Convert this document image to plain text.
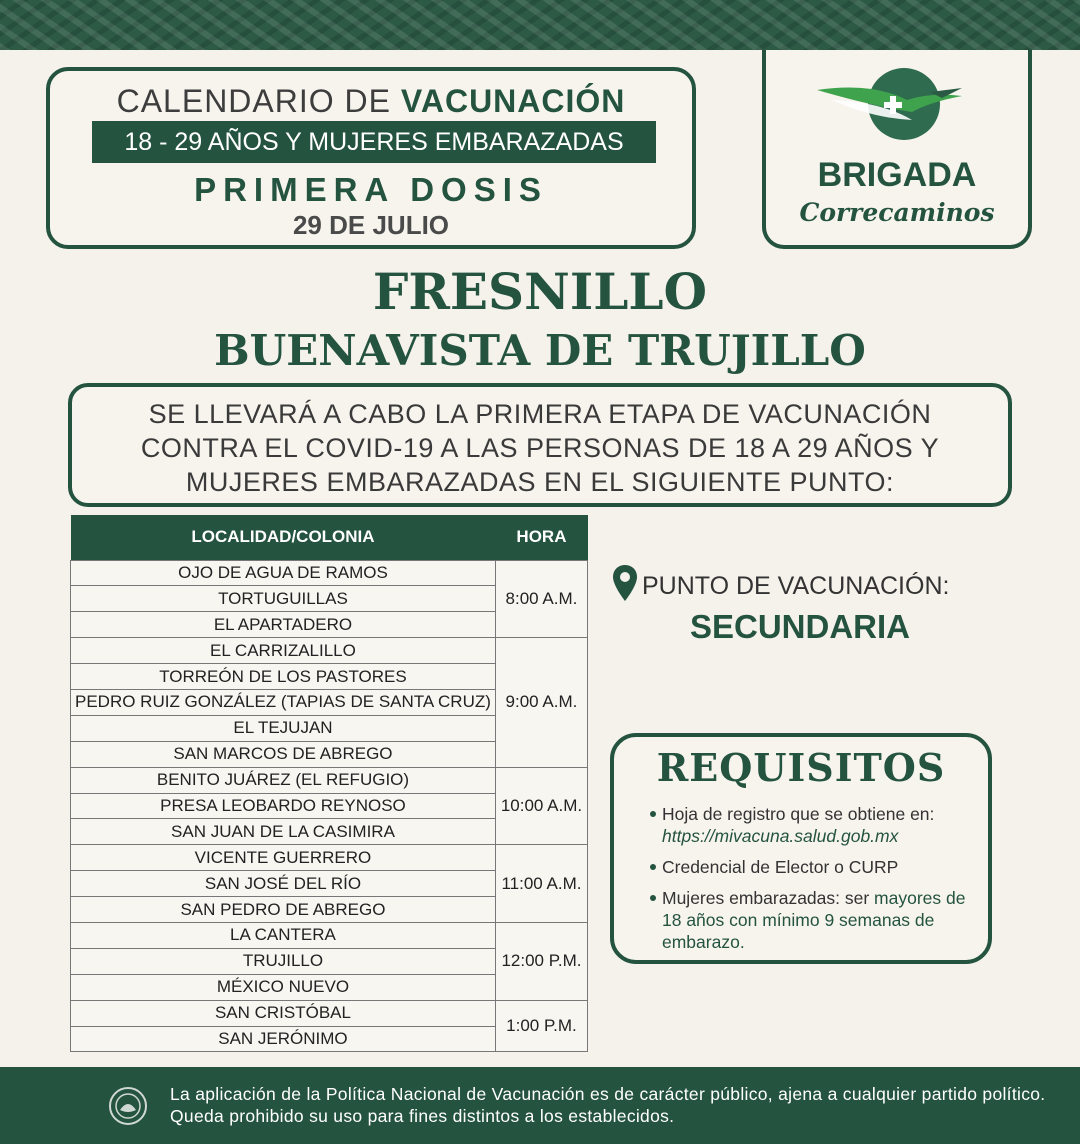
CALENDARIO DE VACUNACIÓN
18 - 29 AÑOS Y MUJERES EMBARAZADAS
PRIMERA DOSIS
29 DE JULIO
BRIGADA
Correcaminos
FRESNILLO
BUENAVISTA DE TRUJILLO
SE LLEVARÁ A CABO LA PRIMERA ETAPA DE VACUNACIÓN
CONTRA EL COVID-19 A LAS PERSONAS DE 18 A 29 AÑOS Y
MUJERES EMBARAZADAS EN EL SIGUIENTE PUNTO:
LOCALIDAD/COLONIA	HORA
OJO DE AGUA DE RAMOS	8:00 A.M.
TORTUGUILLAS	
EL APARTADERO	
EL CARRIZALILLO	9:00 A.M.
TORREÓN DE LOS PASTORES	
PEDRO RUIZ GONZÁLEZ (TAPIAS DE SANTA CRUZ)	
EL TEJUJAN	
SAN MARCOS DE ABREGO	
BENITO JUÁREZ (EL REFUGIO)	10:00 A.M.
PRESA LEOBARDO REYNOSO	
SAN JUAN DE LA CASIMIRA	
VICENTE GUERRERO	11:00 A.M.
SAN JOSÉ DEL RÍO	
SAN PEDRO DE ABREGO	
LA CANTERA	12:00 P.M.
TRUJILLO	
MÉXICO NUEVO	
SAN CRISTÓBAL	1:00 P.M.
SAN JERÓNIMO	
PUNTO DE VACUNACIÓN:
SECUNDARIA
REQUISITOS
Hoja de registro que se obtiene en: https://mivacuna.salud.gob.mx
Credencial de Elector o CURP
Mujeres embarazadas: ser mayores de 18 años con mínimo 9 semanas de embarazo.
La aplicación de la Política Nacional de Vacunación es de carácter público, ajena a cualquier partido político. Queda prohibido su uso para fines distintos a los establecidos.
